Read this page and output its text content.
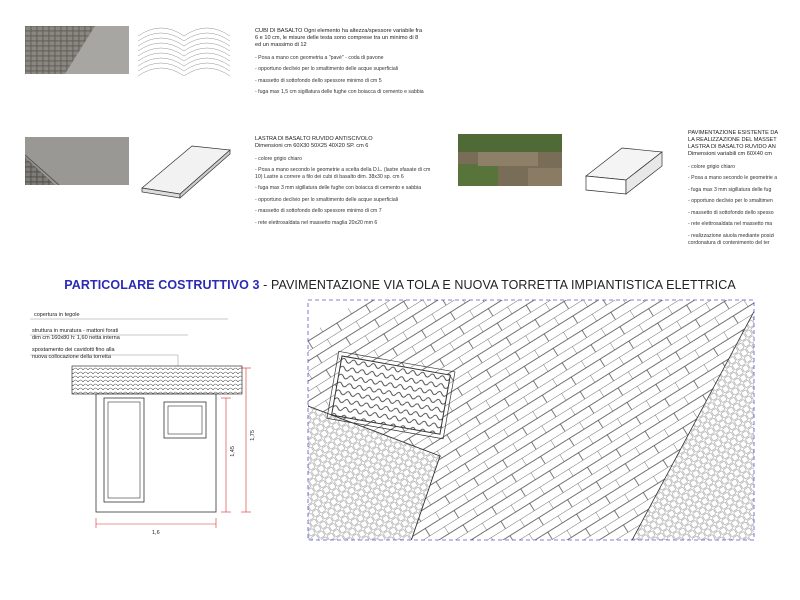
CUBI DI BASALTO Ogni elemento ha altezza/spessore variabile fra 6 e 10 cm, le misure delle testa sono comprese tra un minimo di 8 ed un massimo di 12
- Posa a mano con geometria a "pavè" - coda di pavone
- opportuno declivio per lo smaltimento delle acque superficiali
- massetto di sottofondo dello spessore minimo di cm 5
- fuga max 1,5 cm sigillatura delle fughe con boiacca di cemento e sabbia
LASTRA DI BASALTO RUVIDO ANTISCIVOLO
Dimensioni cm 60X30 50X25 40X20 SP. cm 6
- colore grigio chiaro
- Posa a mano secondo le geometrie a scelta della D.L. (lastre sfasate di cm 10) Lastre a correre a filo dei cubi di basalto dim. 38x30 sp. cm 6
- fuga max 3 mm sigillatura delle fughe con boiacca di cemento e sabbia
- opportuno declivio per lo smaltimento delle acque superficiali
- massetto di sottofondo dello spessore minimo di cm 7
- rete elettrosaldata nel massetto maglia 20x20 mm 6
PAVIMENTAZIONE ESISTENTE DA
LA REALIZZAZIONE DEL MASSET
LASTRA DI BASALTO RUVIDO AN
Dimensioni variabili cm 60X40 cm
- colore grigio chiaro
- Posa a mano secondo le geometrie a
- fuga max 3 mm sigillatura delle fug
- opportuno declivio per lo smaltimen
- massetto di sottofondo dello spesso
- rete elettrosaldata nel massetto ma
- realizzazione aiuola mediante posizi
cordonatura di contenimento del ter
PARTICOLARE COSTRUTTIVO 3 - PAVIMENTAZIONE VIA TOLA E NUOVA TORRETTA IMPIANTISTICA ELETTRICA
copertura in tegole
struttura in muratura - mattoni forati
dim cm 160x80 h: 1,60 netta interna
spostamento dei cavidotti fino alla
nuova collocazione della torretta
1,6
1,45
1,75
